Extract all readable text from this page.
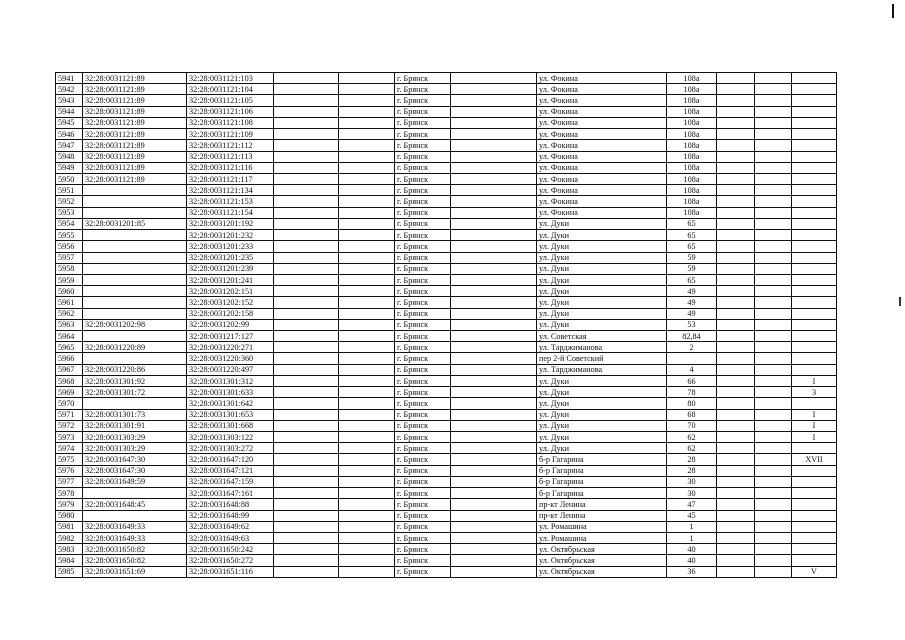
5941	32:28:0031121:89	32:28:0031121:103			г. Брянск		ул. Фокина	108а			
5942	32:28:0031121:89	32:28:0031121:104			г. Брянск		ул. Фокина	108а			
5943	32:28:0031121:89	32:28:0031121:105			г. Брянск		ул. Фокина	108а			
5944	32:28:0031121:89	32:28:0031121:106			г. Брянск		ул. Фокина	108а			
5945	32:28:0031121:89	32:28:0031121:108			г. Брянск		ул. Фокина	108а			
5946	32:28:0031121:89	32:28:0031121:109			г. Брянск		ул. Фокина	108а			
5947	32:28:0031121:89	32:28:0031121:112			г. Брянск		ул. Фокина	108а			
5948	32:28:0031121:89	32:28:0031121:113			г. Брянск		ул. Фокина	108а			
5949	32:28:0031121:89	32:28:0031121:116			г. Брянск		ул. Фокина	108а			
5950	32:28:0031121:89	32:28:0031121:117			г. Брянск		ул. Фокина	108а			
5951		32:28:0031121:134			г. Брянск		ул. Фокина	108а			
5952		32:28:0031121:153			г. Брянск		ул. Фокина	108а			
5953		32:28:0031121:154			г. Брянск		ул. Фокина	108а			
5954	32:28:0031201:85	32:28:0031201:192			г. Брянск		ул. Дуки	65			
5955		32:28:0031201:232			г. Брянск		ул. Дуки	65			
5956		32:28:0031201:233			г. Брянск		ул. Дуки	65			
5957		32:28:0031201:235			г. Брянск		ул. Дуки	59			
5958		32:28:0031201:239			г. Брянск		ул. Дуки	59			
5959		32:28:0031201:241			г. Брянск		ул. Дуки	65			
5960		32:28:0031202:151			г. Брянск		ул. Дуки	49			
5961		32:28:0031202:152			г. Брянск		ул. Дуки	49			
5962		32:28:0031202:158			г. Брянск		ул. Дуки	49			
5963	32:28:0031202:98	32:28:0031202:99			г. Брянск		ул. Дуки	53			
5964		32:28:0031217:127			г. Брянск		ул. Советская	82,84			
5965	32:28:0031220:89	32:28:0031220:271			г. Брянск		ул. Тарджиманова	2			
5966		32:28:0031220:360			г. Брянск		пер 2-й Советский				
5967	32:28:0031220:86	32:28:0031220:497			г. Брянск		ул. Тарджиманова	4			
5968	32:28:0031301:92	32:28:0031301:312			г. Брянск		ул. Дуки	66			I
5969	32:28:0031301:72	32:28:0031301:633			г. Брянск		ул. Дуки	78			3
5970		32:28:0031301:642			г. Брянск		ул. Дуки	80			
5971	32:28:0031301:73	32:28:0031301:653			г. Брянск		ул. Дуки	68			I
5972	32:28:0031301:91	32:28:0031301:668			г. Брянск		ул. Дуки	70			I
5973	32:28:0031303:29	32:28:0031303:122			г. Брянск		ул. Дуки	62			I
5974	32:28:0031303:29	32:28:0031303:272			г. Брянск		ул. Дуки	62			
5975	32:28:0031647:30	32:28:0031647:120			г. Брянск		б-р Гагарина	28			XVII
5976	32:28:0031647:30	32:28:0031647:121			г. Брянск		б-р Гагарина	28			
5977	32:28:0031649:59	32:28:0031647:159			г. Брянск		б-р Гагарина	30			
5978		32:28:0031647:161			г. Брянск		б-р Гагарина	30			
5979	32:28:0031648:45	32:28:0031648:88			г. Брянск		пр-кт Ленина	47			
5980		32:28:0031648:99			г. Брянск		пр-кт Ленина	45			
5981	32:28:0031649:33	32:28:0031649:62			г. Брянск		ул. Ромашина	1			
5982	32:28:0031649:33	32:28:0031649:63			г. Брянск		ул. Ромашина	1			
5983	32:28:0031650:82	32:28:0031650:242			г. Брянск		ул. Октябрьская	40			
5984	32:28:0031650:82	32:28:0031650:272			г. Брянск		ул. Октябрьская	40			
5985	32:28:0031651:69	32:28:0031651:116			г. Брянск		ул. Октябрьская	36			V
